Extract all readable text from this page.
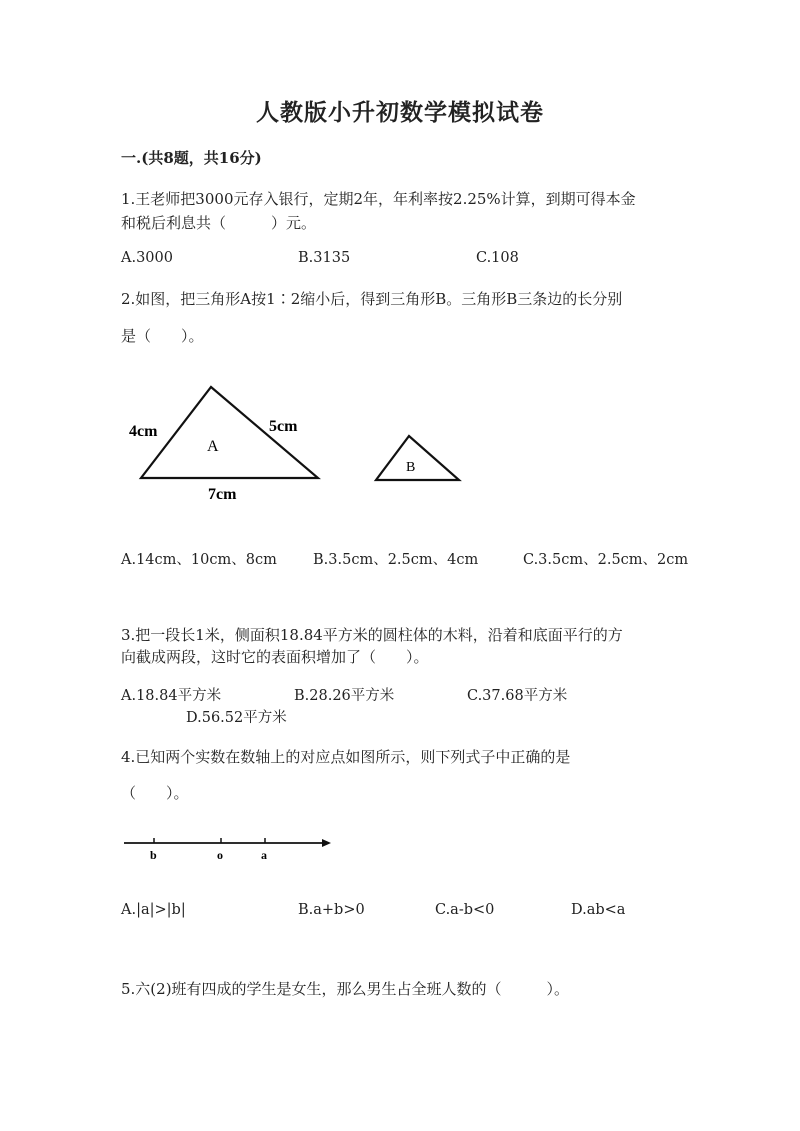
人教版小升初数学模拟试卷
一.(共8题，共16分)
1.王老师把3000元存入银行，定期2年，年利率按2.25%计算，到期可得本金
和税后利息共（　　　）元。
A.3000	B.3135	C.108
2.如图，把三角形A按1∶2缩小后，得到三角形B。三角形B三条边的长分别
是（　　）。
A
B
4cm	5cm
7cm
A.14cm、10cm、8cm B.3.5cm、2.5cm、4cm	C.3.5cm、2.5cm、2cm
3.把一段长1米，侧面积18.84平方米的圆柱体的木料，沿着和底面平行的方
向截成两段，这时它的表面积增加了（　　）。
A.18.84平方米	B.28.26平方米	C.37.68平方米
D.56.52平方米
4.已知两个实数在数轴上的对应点如图所示，则下列式子中正确的是
（　　）。
b	o	a
A.|a|>|b|	B.a+b>0	C.a-b<0	D.ab<a
5.六(2)班有四成的学生是女生，那么男生占全班人数的（　　　）。
